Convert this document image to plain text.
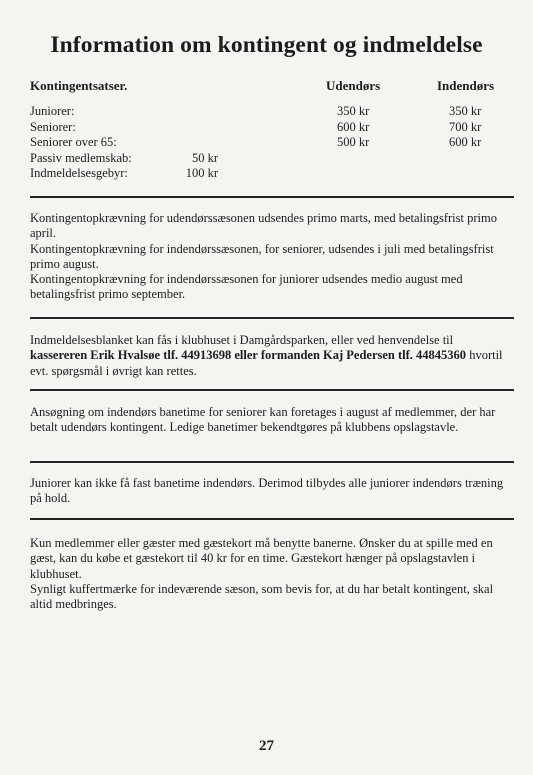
Information om kontingent og indmeldelse
Kontingentsatser.	Udendørs	Indendørs
Juniorer:
Seniorer:
Seniorer over 65:
Passiv medlemskab:
Indmeldelsesgebyr:
50 kr
100 kr
350 kr
600 kr
500 kr
350 kr
700 kr
600 kr

Kontingentopkrævning for udendørssæsonen udsendes primo marts, med betalingsfrist primo april.

Kontingentopkrævning for indendørssæsonen, for seniorer, udsendes i juli med betalingsfrist primo august.

Kontingentopkrævning for indendørssæsonen for juniorer udsendes medio august med betalingsfrist primo september.

Indmeldelsesblanket kan fås i klubhuset i Damgårdsparken, eller ved henvendelse til kassereren Erik Hvalsøe tlf. 44913698 eller formanden Kaj Pedersen tlf. 44845360 hvortil evt. spørgsmål i øvrigt kan rettes.

Ansøgning om indendørs banetime for seniorer kan foretages i august af medlemmer, der har betalt udendørs kontingent. Ledige banetimer bekendtgøres på klubbens opslagstavle.

Juniorer kan ikke få fast banetime indendørs. Derimod tilbydes alle juniorer indendørs træning på hold.

Kun medlemmer eller gæster med gæstekort må benytte banerne. Ønsker du at spille med en gæst, kan du købe et gæstekort til 40 kr for en time. Gæstekort hænger på opslagstavlen i klubhuset.

Synligt kuffertmærke for indeværende sæson, som bevis for, at du har betalt kontingent, skal altid medbringes.

27
